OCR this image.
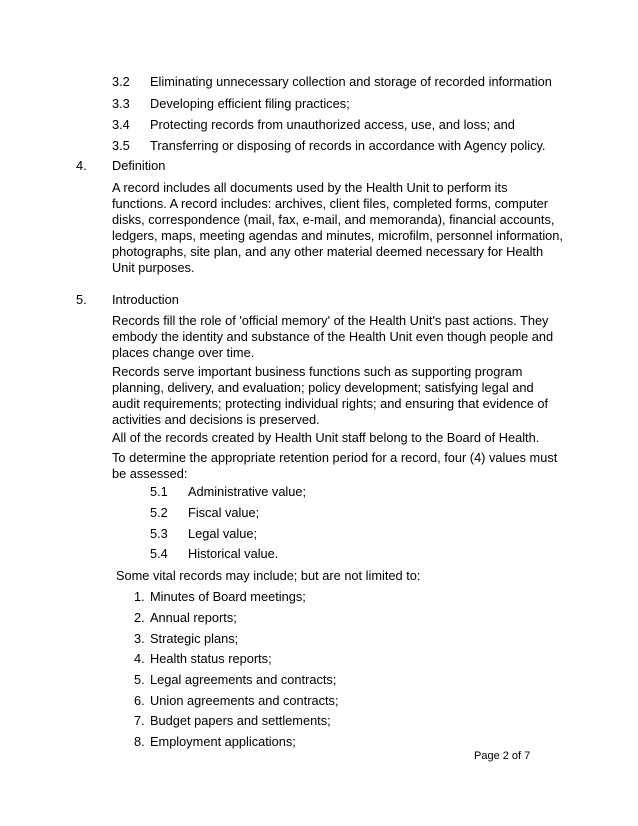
3.2 Eliminating unnecessary collection and storage of recorded information
3.3 Developing efficient filing practices;
3.4 Protecting records from unauthorized access, use, and loss; and
3.5 Transferring or disposing of records in accordance with Agency policy.
4. Definition
A record includes all documents used by the Health Unit to perform its functions. A record includes: archives, client files, completed forms, computer disks, correspondence (mail, fax, e-mail, and memoranda), financial accounts, ledgers, maps, meeting agendas and minutes, microfilm, personnel information, photographs, site plan, and any other material deemed necessary for Health Unit purposes.
5. Introduction
Records fill the role of 'official memory' of the Health Unit's past actions. They embody the identity and substance of the Health Unit even though people and places change over time.
Records serve important business functions such as supporting program planning, delivery, and evaluation; policy development; satisfying legal and audit requirements; protecting individual rights; and ensuring that evidence of activities and decisions is preserved.
All of the records created by Health Unit staff belong to the Board of Health.
To determine the appropriate retention period for a record, four (4) values must be assessed:
5.1 Administrative value;
5.2 Fiscal value;
5.3 Legal value;
5.4 Historical value.
Some vital records may include; but are not limited to:
1. Minutes of Board meetings;
2. Annual reports;
3. Strategic plans;
4. Health status reports;
5. Legal agreements and contracts;
6. Union agreements and contracts;
7. Budget papers and settlements;
8. Employment applications;
Page 2 of 7
